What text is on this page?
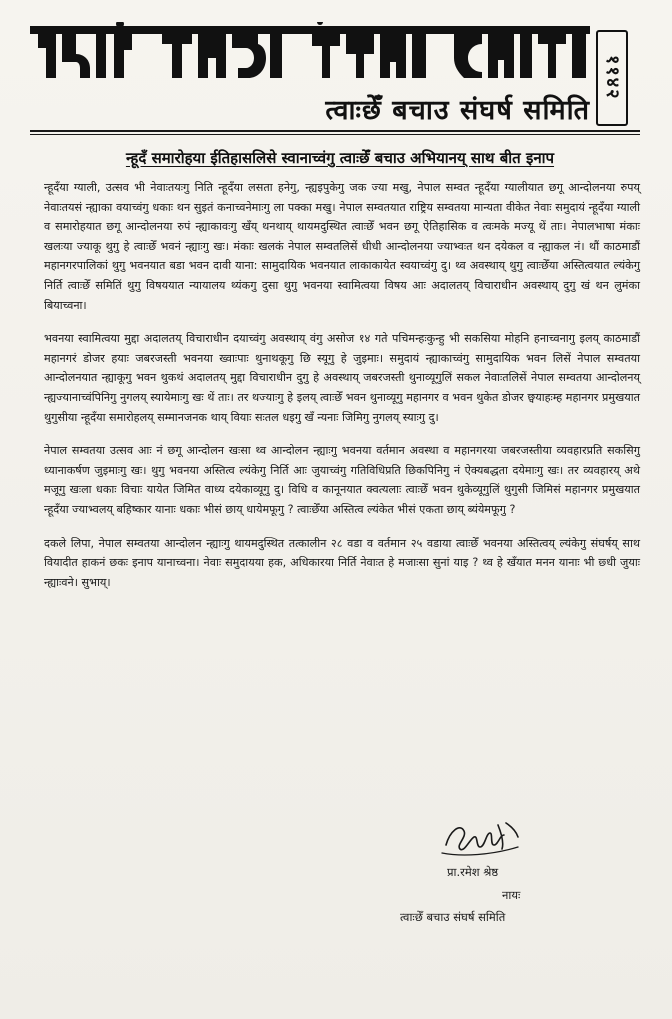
११४२
त्वाःछेँ बचाउ संघर्ष समिति
न्हूदँ समारोहया ईतिहासलिसे स्वानाच्वंगु त्वाःछेँ बचाउ अभियानय् साथ बीत इनाप

न्हूदँया ग्याली, उत्सव भी नेवाःतयःगु निति न्हूदँया लसता हनेगु, न्ह्यइपुकेगु जक ज्या मखु, नेपाल सम्वत न्हूदँया ग्यालीयात छगू आन्दोलनया रुपय् नेवाःतयसं न्ह्याका वयाच्वंगु धकाः थन सुइतं कनाच्वनेमाःगु ला पक्का मखु। नेपाल सम्वतयात राष्ट्रिय सम्वतया मान्यता वीकेत नेवाः समुदायं न्हूदँया ग्याली व समारोहयात छगू आन्दोलनया रुपं न्ह्याकावःगु खँय् थनथाय् थायमदुस्थित त्वाःछेँ भवन छगू ऐतिहासिक व त्वःमके मज्यू थें ताः। नेपालभाषा मंकाः खलःया ज्याकू थुगु हे त्वाःछेँ भवनं न्ह्याःगु खः। मंकाः खलकं नेपाल सम्वतलिसें धीधी आन्दोलनया ज्याभ्वःत थन दयेकल व न्ह्याकल नं। थौं काठमाडौं महानगरपालिकां थुगु भवनयात बडा भवन दावी याना: सामुदायिक भवनयात लाकाकायेत स्वयाच्वंगु दु। थ्व अवस्थाय् थुगु त्वाःछेँया अस्तित्वयात ल्यंकेगु निर्ति त्वाःछेँ समितिं थुगु विषययात न्यायालय थ्यंकगु दुसा थुगु भवनया स्वामित्वया विषय आः अदालतय् विचाराधीन अवस्थाय् दुगु खं थन लुमंका बियाच्वना।

भवनया स्वामित्वया मुद्दा अदालतय् विचाराधीन दयाच्वंगु अवस्थाय् वंगु असोज १४ गते पचिमन्हःकुन्हु भी सकसिया मोहनि हनाच्वनागु इलय् काठमाडौं महानगरं डोजर हयाः जबरजस्ती भवनया ख्वाःपाः थुनाथकूगु छि स्यूगु हे जुइमाः। समुदायं न्ह्याकाच्वंगु सामुदायिक भवन लिसें नेपाल सम्वतया आन्दोलनयात न्ह्याकूगु भवन थुकथं अदालतय् मुद्दा विचाराधीन दुगु हे अवस्थाय् जबरजस्ती थुनाव्यूगुलिं सकल नेवाःतलिसें नेपाल सम्वतया आन्दोलनय् न्ह्यज्यानाच्वंपिनिगु नुगलय् स्यायेमाःगु खः थें ताः। तर थज्याःगु हे इलय् त्वाःछेँ भवन थुनाव्यूगु महानगर व भवन थुकेत डोजर छ्वयाहःम्ह महानगर प्रमुखयात थुगुसीया न्हूदँया समारोहलय् सम्मानजनक थाय् वियाः सःतल धइगु खँ न्यनाः जिमिगु नुगलय् स्याःगु दु।

नेपाल सम्वतया उत्सव आः नं छगू आन्दोलन खःसा थ्व आन्दोलन न्ह्याःगु भवनया वर्तमान अवस्था व महानगरया जबरजस्तीया व्यवहारप्रति सकसिगु ध्यानाकर्षण जुइमाःगु खः। थुगु भवनया अस्तित्व ल्यंकेगु निर्ति आः जुयाच्वंगु गतिविधिप्रति छिकपिनिगु नं ऐक्यबद्धता दयेमाःगु खः। तर व्यवहारय् अथे मजूगु खःला धकाः विचाः यायेत जिमित वाध्य दयेकाव्यूगु दु। विधि व कानूनयात क्वत्यलाः त्वाःछेँ भवन थुकेव्यूगुलिं थुगुसी जिमिसं महानगर प्रमुखयात न्हूदँया ज्याभ्वलय् बहिष्कार यानाः धकाः भीसं छाय् धायेमफूगु ? त्वाःछेँया अस्तित्व ल्यंकेत भीसं एकता छाय् ब्यंयेमफूगु ?

दकले लिपा, नेपाल सम्वतया आन्दोलन न्ह्याःगु थायमदुस्थित तत्कालीन २८ वडा व वर्तमान २५ वडाया त्वाःछेँ भवनया अस्तित्वय् ल्यंकेगु संघर्षय् साथ वियादीत हाकनं छकः इनाप यानाच्वना। नेवाः समुदायया हक, अधिकारया निर्ति नेवाःत हे मजाःसा सुनां याइ ? थ्व हे खँयात मनन यानाः भी छ्धी जुयाः न्ह्याःवने। सुभाय्।

प्रा.रमेश श्रेष्ठ
नायः
त्वाःछेँ बचाउ संघर्ष समिति
